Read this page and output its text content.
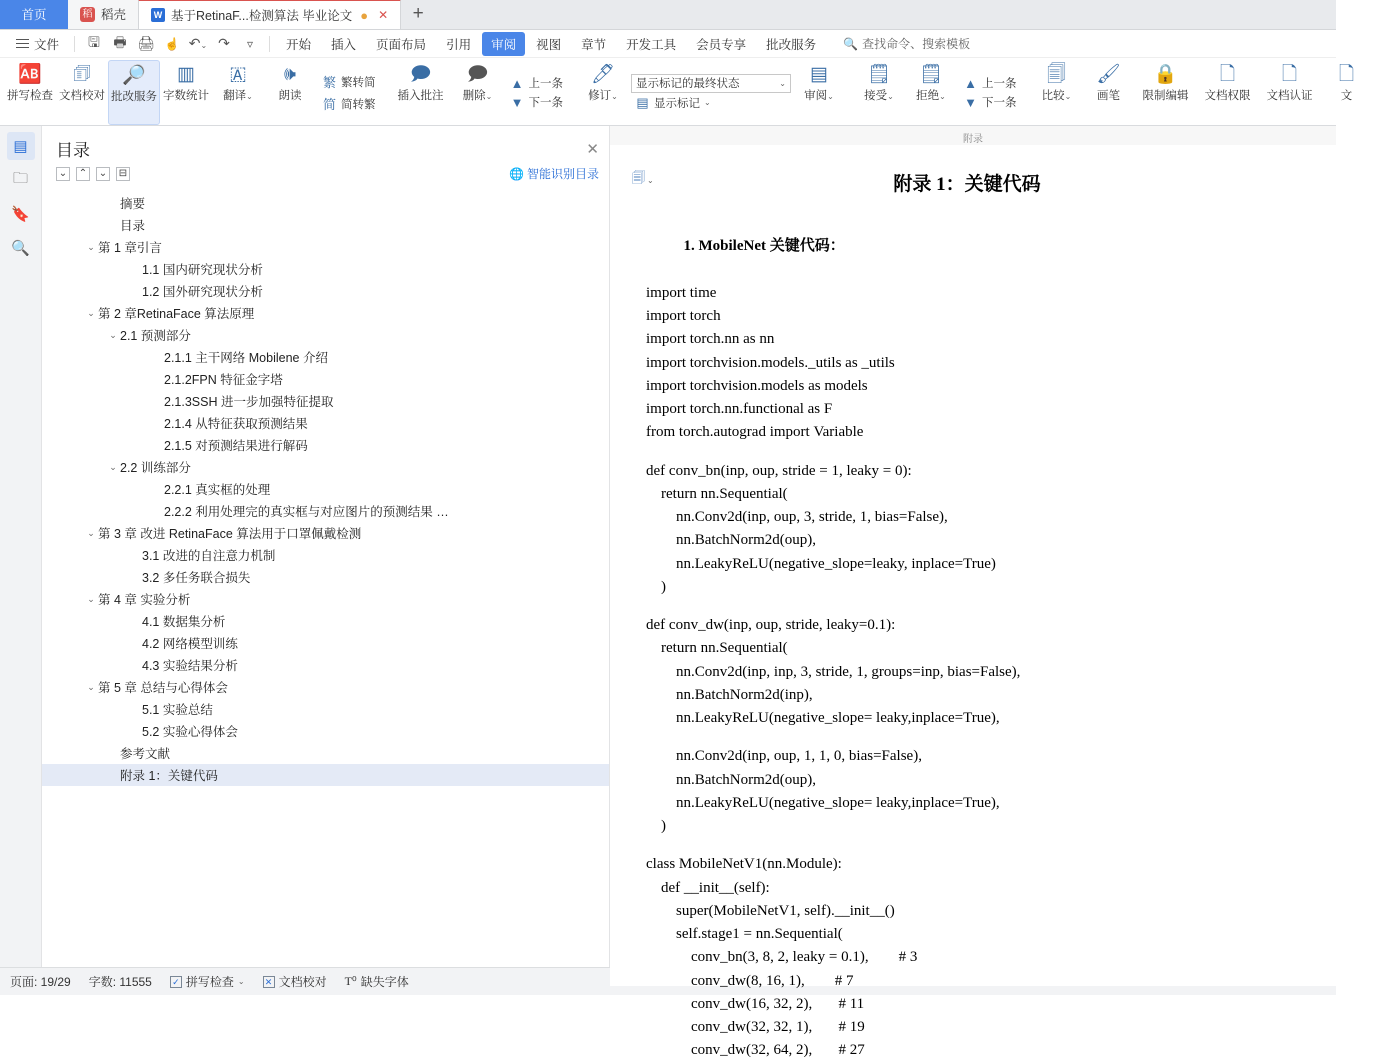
首页	稻 稻壳	W 基于RetinaF...检测算法 毕业论文 ● ✕	+
文件	🖫 🖶 🖨 ☝ ↶⌄ ↷	▿	开始	插入	页面布局	引用	审阅	视图	章节	开发工具	会员专享	批改服务	🔍 查找命令、搜索模板
🆎
拼写检查
🗊
文档校对
🔎
批改服务
▥
字数统计
🇦
翻译⌄
🕪
朗读
繁 繁转简
简 简转繁
🗩
插入批注
🗩
删除⌄
▲ 上一条
▼ 下一条
🖊
修订⌄
显示标记的最终状态	⌄
▤ 显示标记 ⌄
▤
审阅⌄
🗒
接受⌄
🗒
拒绝⌄
▲ 上一条
▼ 下一条
🗐
比较⌄
🖌
画笔
🔒
限制编辑
🗋
文档权限
🗋
文档认证
🗋
文
▤
🗀
🔖
🔍
目录	✕
⌄ ⌃ ⌄ ⊟	🌐 智能识别目录
摘要
目录
⌄ 第 1 章引言
1.1 国内研究现状分析
1.2 国外研究现状分析
⌄ 第 2 章RetinaFace 算法原理
⌄ 2.1 预测部分
2.1.1 主干网络 Mobilene 介绍
2.1.2FPN 特征金字塔
2.1.3SSH 进一步加强特征提取
2.1.4 从特征获取预测结果
2.1.5 对预测结果进行解码
⌄ 2.2 训练部分
2.2.1 真实框的处理
2.2.2 利用处理完的真实框与对应图片的预测结果 …
⌄ 第 3 章 改进 RetinaFace 算法用于口罩佩戴检测
3.1 改进的自注意力机制
3.2 多任务联合损失
⌄ 第 4 章 实验分析
4.1 数据集分析
4.2 网络模型训练
4.3 实验结果分析
⌄ 第 5 章 总结与心得体会
5.1 实验总结
5.2 实验心得体会
参考文献
附录 1：关键代码
附录
🗐 ⌄	附录 1：关键代码

1. MobileNet 关键代码：

import time
import torch
import torch.nn as nn
import torchvision.models._utils as _utils
import torchvision.models as models
import torch.nn.functional as F
from torch.autograd import Variable
def conv_bn(inp, oup, stride = 1, leaky = 0):
return nn.Sequential(
nn.Conv2d(inp, oup, 3, stride, 1, bias=False),
nn.BatchNorm2d(oup),
nn.LeakyReLU(negative_slope=leaky, inplace=True)
)
def conv_dw(inp, oup, stride, leaky=0.1):
return nn.Sequential(
nn.Conv2d(inp, inp, 3, stride, 1, groups=inp, bias=False),
nn.BatchNorm2d(inp),
nn.LeakyReLU(negative_slope= leaky,inplace=True),
nn.Conv2d(inp, oup, 1, 1, 0, bias=False),
nn.BatchNorm2d(oup),
nn.LeakyReLU(negative_slope= leaky,inplace=True),
)
class MobileNetV1(nn.Module):
def __init__(self):
super(MobileNetV1, self).__init__()
self.stage1 = nn.Sequential(
conv_bn(3, 8, 2, leaky = 0.1),        # 3
conv_dw(8, 16, 1),        # 7
conv_dw(16, 32, 2),       # 11
conv_dw(32, 32, 1),       # 19
conv_dw(32, 64, 2),       # 27
页面: 19/29 字数: 11555 ✓ 拼写检查 ⌄ ✕ 文档校对 T⁰ 缺失字体
